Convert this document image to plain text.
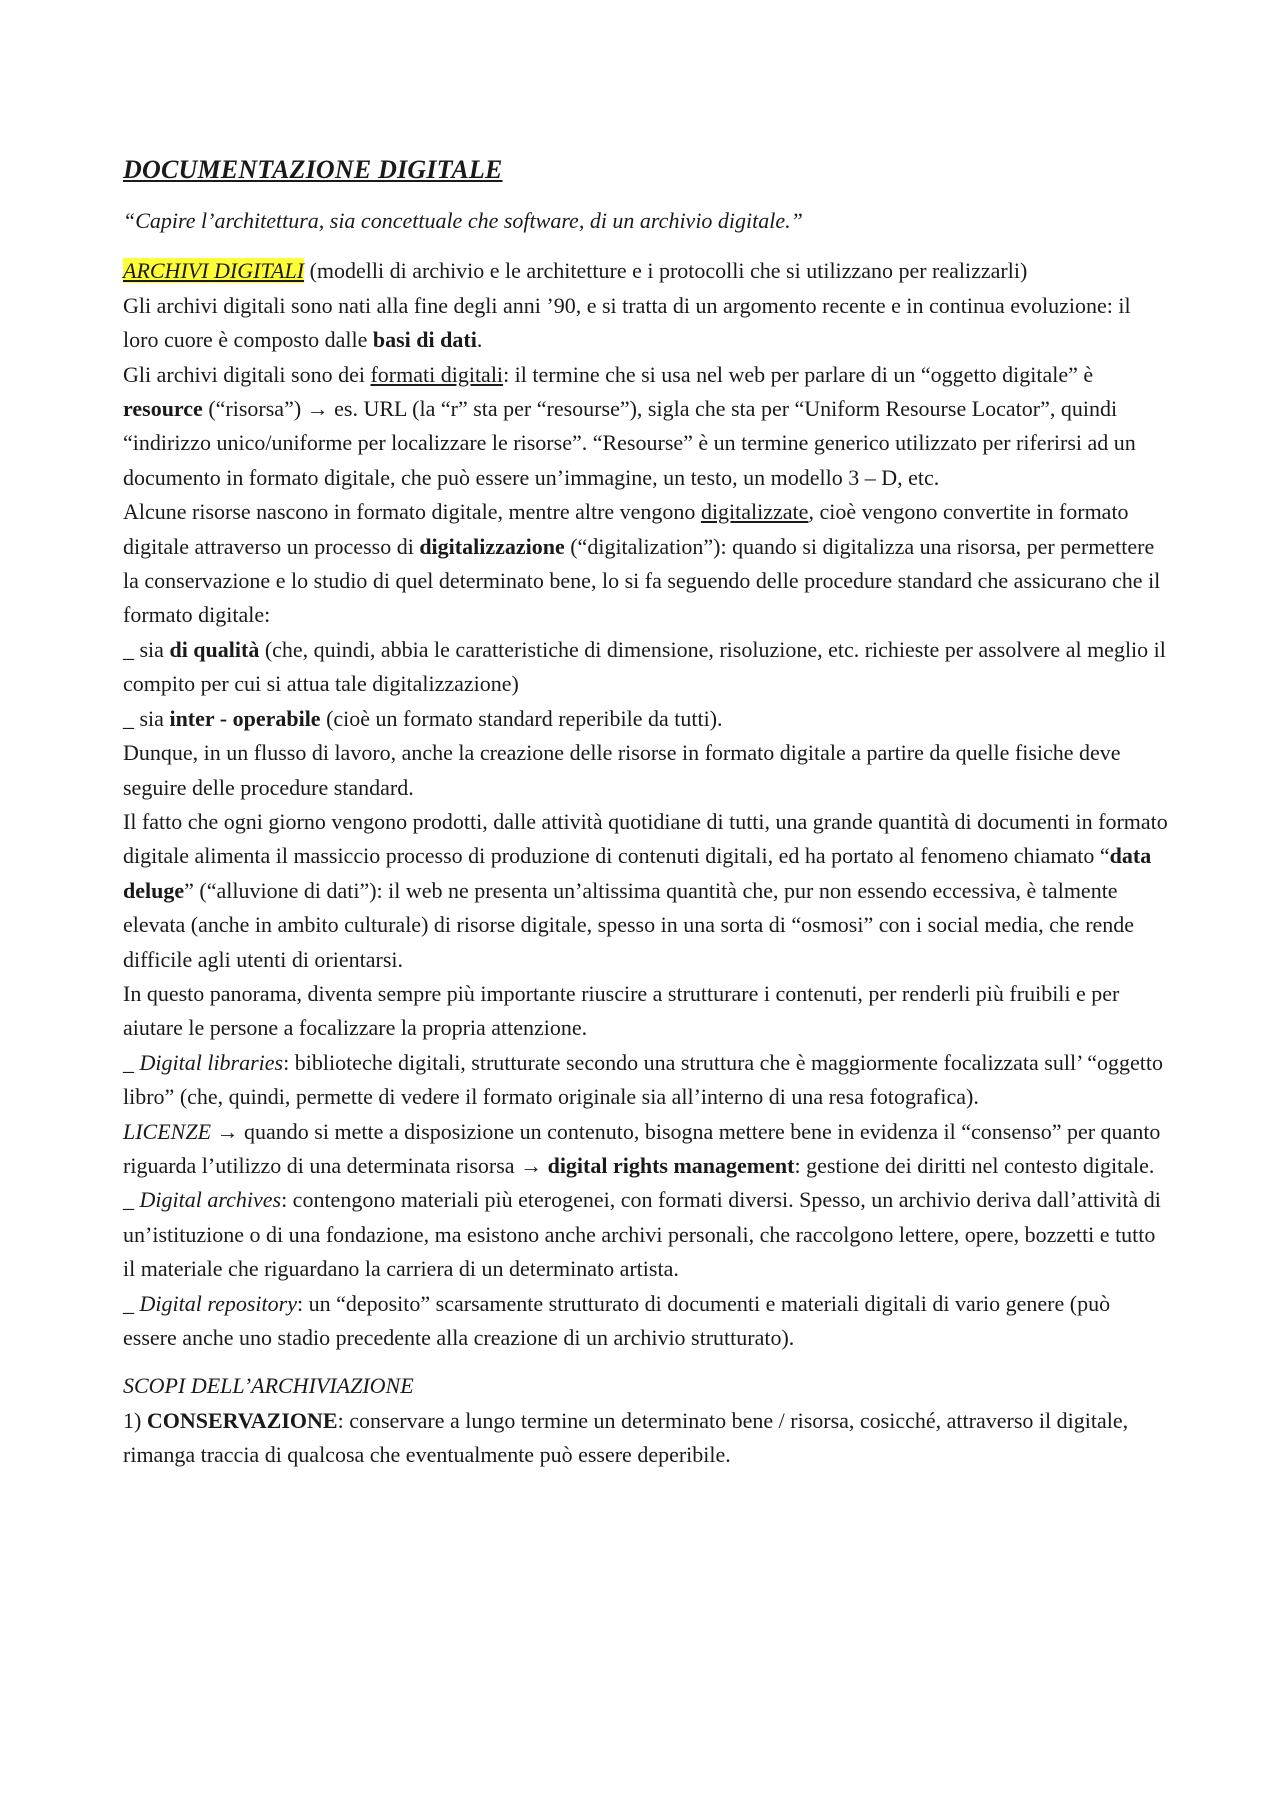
DOCUMENTAZIONE DIGITALE

“Capire l’architettura, sia concettuale che software, di un archivio digitale.”

ARCHIVI DIGITALI (modelli di archivio e le architetture e i protocolli che si utilizzano per realizzarli)

Gli archivi digitali sono nati alla fine degli anni ’90, e si tratta di un argomento recente e in continua evoluzione: il loro cuore è composto dalle basi di dati.

Gli archivi digitali sono dei formati digitali: il termine che si usa nel web per parlare di un “oggetto digitale” è resource (“risorsa”) → es. URL (la “r” sta per “resourse”), sigla che sta per “Uniform Resourse Locator”, quindi “indirizzo unico/uniforme per localizzare le risorse”. “Resourse” è un termine generico utilizzato per riferirsi ad un documento in formato digitale, che può essere un’immagine, un testo, un modello 3 – D, etc.

Alcune risorse nascono in formato digitale, mentre altre vengono digitalizzate, cioè vengono convertite in formato digitale attraverso un processo di digitalizzazione (“digitalization”): quando si digitalizza una risorsa, per permettere la conservazione e lo studio di quel determinato bene, lo si fa seguendo delle procedure standard che assicurano che il formato digitale:

_ sia di qualità (che, quindi, abbia le caratteristiche di dimensione, risoluzione, etc. richieste per assolvere al meglio il compito per cui si attua tale digitalizzazione)

_ sia inter - operabile (cioè un formato standard reperibile da tutti).

Dunque, in un flusso di lavoro, anche la creazione delle risorse in formato digitale a partire da quelle fisiche deve seguire delle procedure standard.

Il fatto che ogni giorno vengono prodotti, dalle attività quotidiane di tutti, una grande quantità di documenti in formato digitale alimenta il massiccio processo di produzione di contenuti digitali, ed ha portato al fenomeno chiamato “data deluge” (“alluvione di dati”): il web ne presenta un’altissima quantità che, pur non essendo eccessiva, è talmente elevata (anche in ambito culturale) di risorse digitale, spesso in una sorta di “osmosi” con i social media, che rende difficile agli utenti di orientarsi.

In questo panorama, diventa sempre più importante riuscire a strutturare i contenuti, per renderli più fruibili e per aiutare le persone a focalizzare la propria attenzione.

_ Digital libraries: biblioteche digitali, strutturate secondo una struttura che è maggiormente focalizzata sull’ “oggetto libro” (che, quindi, permette di vedere il formato originale sia all’interno di una resa fotografica).

LICENZE → quando si mette a disposizione un contenuto, bisogna mettere bene in evidenza il “consenso” per quanto riguarda l’utilizzo di una determinata risorsa → digital rights management: gestione dei diritti nel contesto digitale.

_ Digital archives: contengono materiali più eterogenei, con formati diversi. Spesso, un archivio deriva dall’attività di un’istituzione o di una fondazione, ma esistono anche archivi personali, che raccolgono lettere, opere, bozzetti e tutto il materiale che riguardano la carriera di un determinato artista.

_ Digital repository: un “deposito” scarsamente strutturato di documenti e materiali digitali di vario genere (può essere anche uno stadio precedente alla creazione di un archivio strutturato).

SCOPI DELL’ARCHIVIAZIONE

1) CONSERVAZIONE: conservare a lungo termine un determinato bene / risorsa, cosicché, attraverso il digitale, rimanga traccia di qualcosa che eventualmente può essere deperibile.
